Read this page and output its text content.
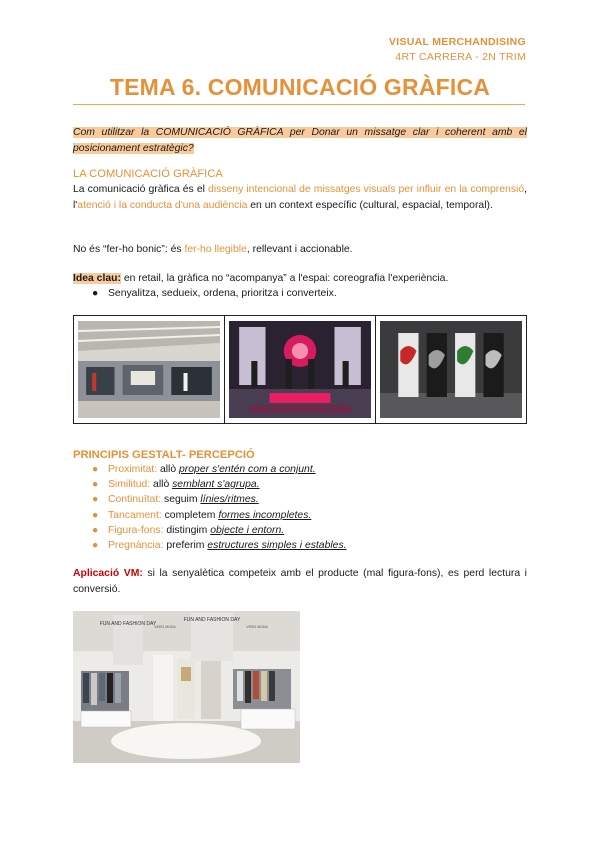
VISUAL MERCHANDISING
4RT CARRERA - 2N TRIM
TEMA 6. COMUNICACIÓ GRÀFICA
Com utilitzar la COMUNICACIÓ GRÀFICA per Donar un missatge clar i coherent amb el posicionament estratègic?
LA COMUNICACIÓ GRÀFICA
La comunicació gràfica és el disseny intencional de missatges visuals per influir en la comprensió, l'atenció i la conducta d'una audiència en un context específic (cultural, espacial, temporal).
No és “fer-ho bonic”: és fer-ho llegible, rellevant i accionable.
Idea clau: en retail, la gràfica no “acompanya” a l'espai: coreografia l'experiència.
● Senyalitza, sedueix, ordena, prioritza i converteix.
PRINCIPIS GESTALT- PERCEPCIÓ
● Proximitat: allò proper s'entén com a conjunt.
● Similitud: allò semblant s'agrupa.
● Continuïtat: seguim línies/ritmes.
● Tancament: completem formes incompletes.
● Figura-fons: distingim objecte i entorn.
● Pregnància: preferim estructures simples i estables.
Aplicació VM: si la senyalètica competeix amb el producte (mal figura-fons), es perd lectura i conversió.
FUN AND FASHION DAY
FUN AND FASHION DAY
VERO MODA	VERO MODA
